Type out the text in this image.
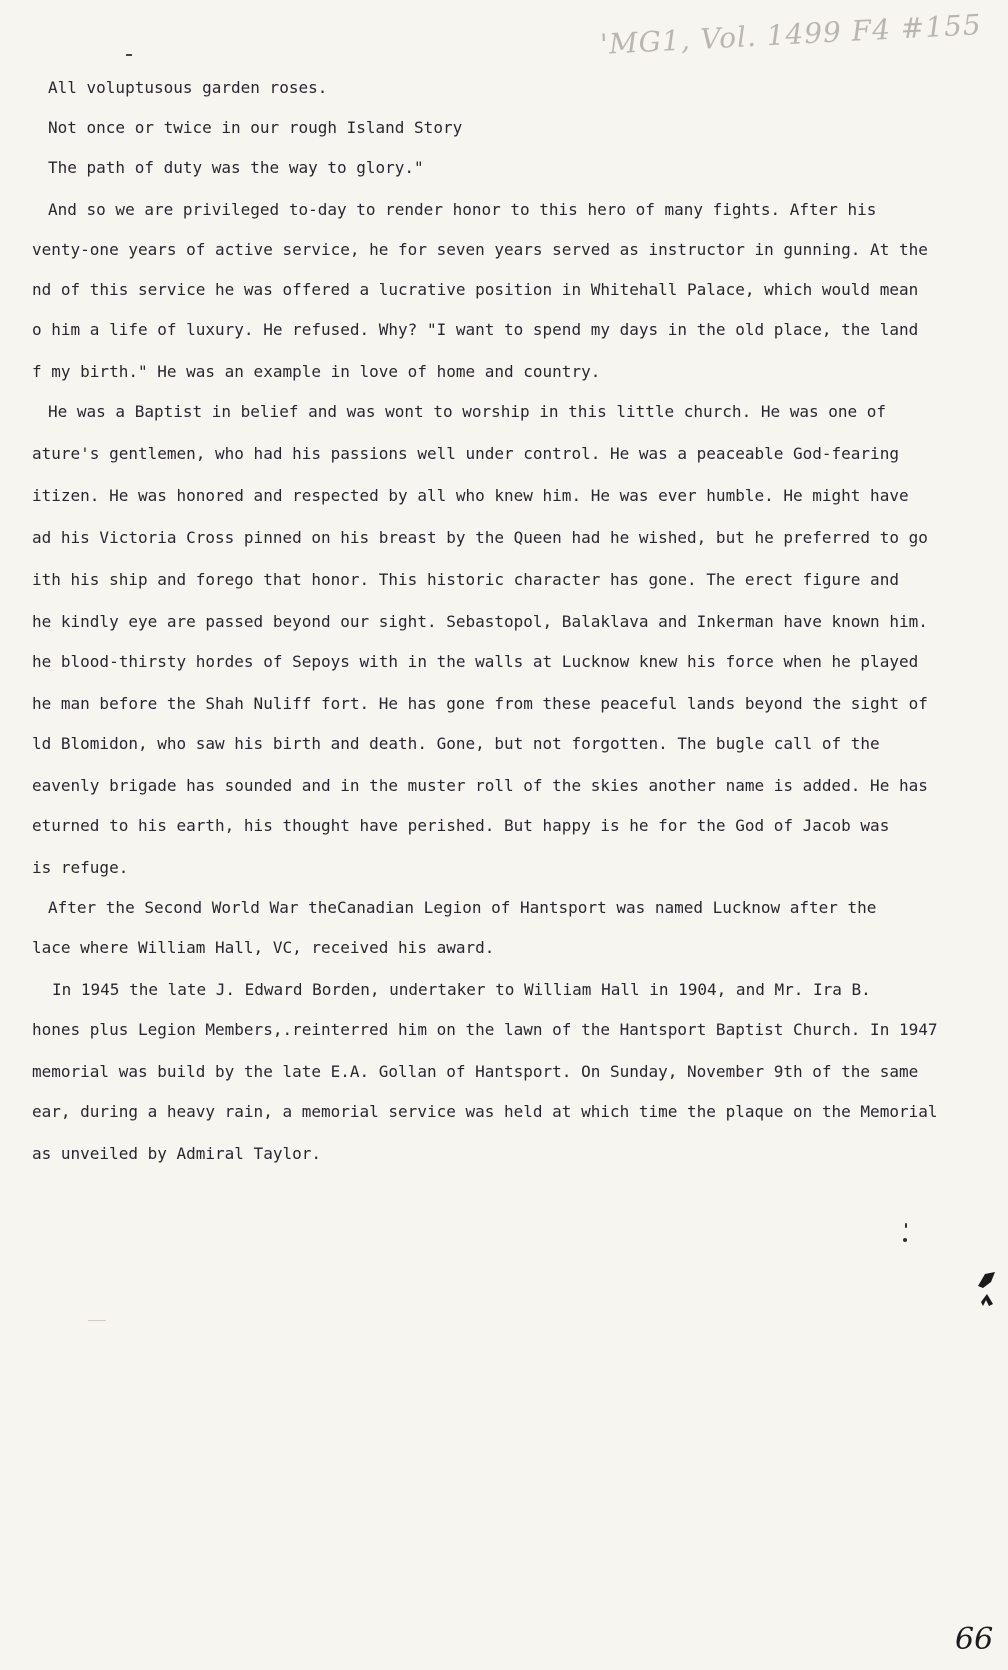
'MG1, Vol. 1499 F4 #155
All voluptusous garden roses.
Not once or twice in our rough Island Story
The path of duty was the way to glory."
And so we are privileged to-day to render honor to this hero of many fights. After his
venty-one years of active service, he for seven years served as instructor in gunning. At the
nd of this service he was offered a lucrative position in Whitehall Palace, which would mean
o him a life of luxury. He refused. Why? "I want to spend my days in the old place, the land
f my birth." He was an example in love of home and country.
He was a Baptist in belief and was wont to worship in this little church. He was one of
ature's gentlemen, who had his passions well under control. He was a peaceable God-fearing
itizen. He was honored and respected by all who knew him. He was ever humble. He might have
ad his Victoria Cross pinned on his breast by the Queen had he wished, but he preferred to go
ith his ship and forego that honor. This historic character has gone. The erect figure and
he kindly eye are passed beyond our sight. Sebastopol, Balaklava and Inkerman have known him.
he blood-thirsty hordes of Sepoys with in the walls at Lucknow knew his force when he played
he man before the Shah Nuliff fort. He has gone from these peaceful lands beyond the sight of
ld Blomidon, who saw his birth and death. Gone, but not forgotten. The bugle call of the
eavenly brigade has sounded and in the muster roll of the skies another name is added. He has
eturned to his earth, his thought have perished. But happy is he for the God of Jacob was
is refuge.
After the Second World War theCanadian Legion of Hantsport was named Lucknow after the
lace where William Hall, VC, received his award.
In 1945 the late J. Edward Borden, undertaker to William Hall in 1904, and Mr. Ira B.
hones plus Legion Members,.reinterred him on the lawn of the Hantsport Baptist Church. In 1947
memorial was build by the late E.A. Gollan of Hantsport. On Sunday, November 9th of the same
ear, during a heavy rain, a memorial service was held at which time the plaque on the Memorial
as unveiled by Admiral Taylor.
66
